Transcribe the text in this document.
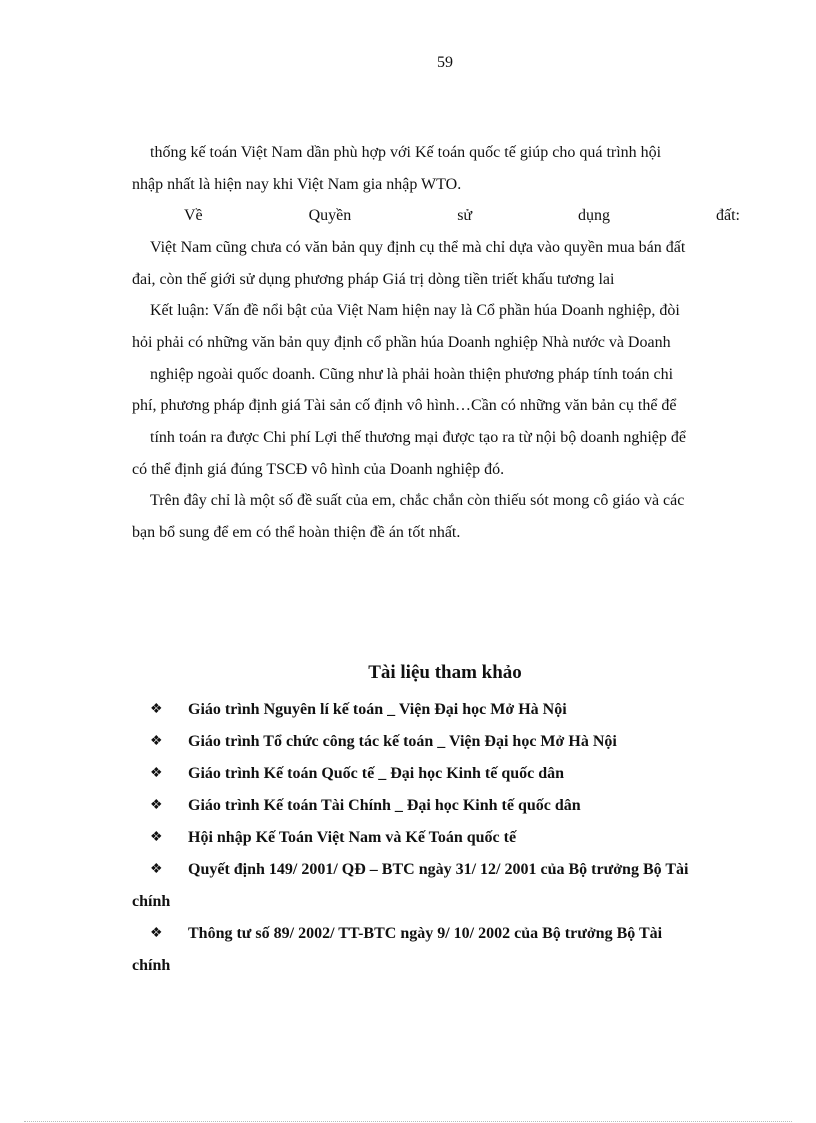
59
thống kế toán Việt Nam dần phù hợp với Kế toán quốc tế giúp cho quá trình hội
nhập nhất là hiện nay khi Việt Nam gia nhập WTO.
Về	Quyền	sử	dụng	đất:
Việt Nam cũng chưa có văn bản quy định cụ thể mà chỉ dựa vào quyền mua bán đất
đai, còn thế giới sử dụng phương pháp Giá trị dòng tiền triết khấu tương lai
Kết luận: Vấn đề nổi bật của Việt Nam hiện nay là Cổ phần húa Doanh nghiệp, đòi
hỏi phải có những văn bản quy định cổ phần húa Doanh nghiệp Nhà nước và Doanh
nghiệp ngoài quốc doanh. Cũng như là phải hoàn thiện phương pháp tính toán chi
phí, phương pháp định giá Tài sản cố định vô hình…Cần có những văn bản cụ thể để
tính toán ra được Chi phí Lợi thế thương mại được tạo ra từ nội bộ doanh nghiệp để
có thể định giá đúng TSCĐ vô hình của Doanh nghiệp đó.
Trên đây chỉ là một số đề suất của em, chắc chắn còn thiếu sót mong cô giáo và các
bạn bổ sung để em có thể hoàn thiện đề án tốt nhất.
Tài liệu tham khảo
❖ Giáo trình Nguyên lí kế toán _ Viện Đại học Mở Hà Nội
❖ Giáo trình Tổ chức công tác kế toán _ Viện Đại học Mở Hà Nội
❖ Giáo trình Kế toán Quốc tế _ Đại học Kinh tế quốc dân
❖ Giáo trình Kế toán Tài Chính _ Đại học Kinh tế quốc dân
❖ Hội nhập Kế Toán Việt Nam và Kế Toán quốc tế
❖ Quyết định 149/ 2001/ QĐ – BTC ngày 31/ 12/ 2001 của Bộ trưởng Bộ Tài
chính
❖ Thông tư số 89/ 2002/ TT-BTC ngày 9/ 10/ 2002 của Bộ trưởng Bộ Tài
chính
